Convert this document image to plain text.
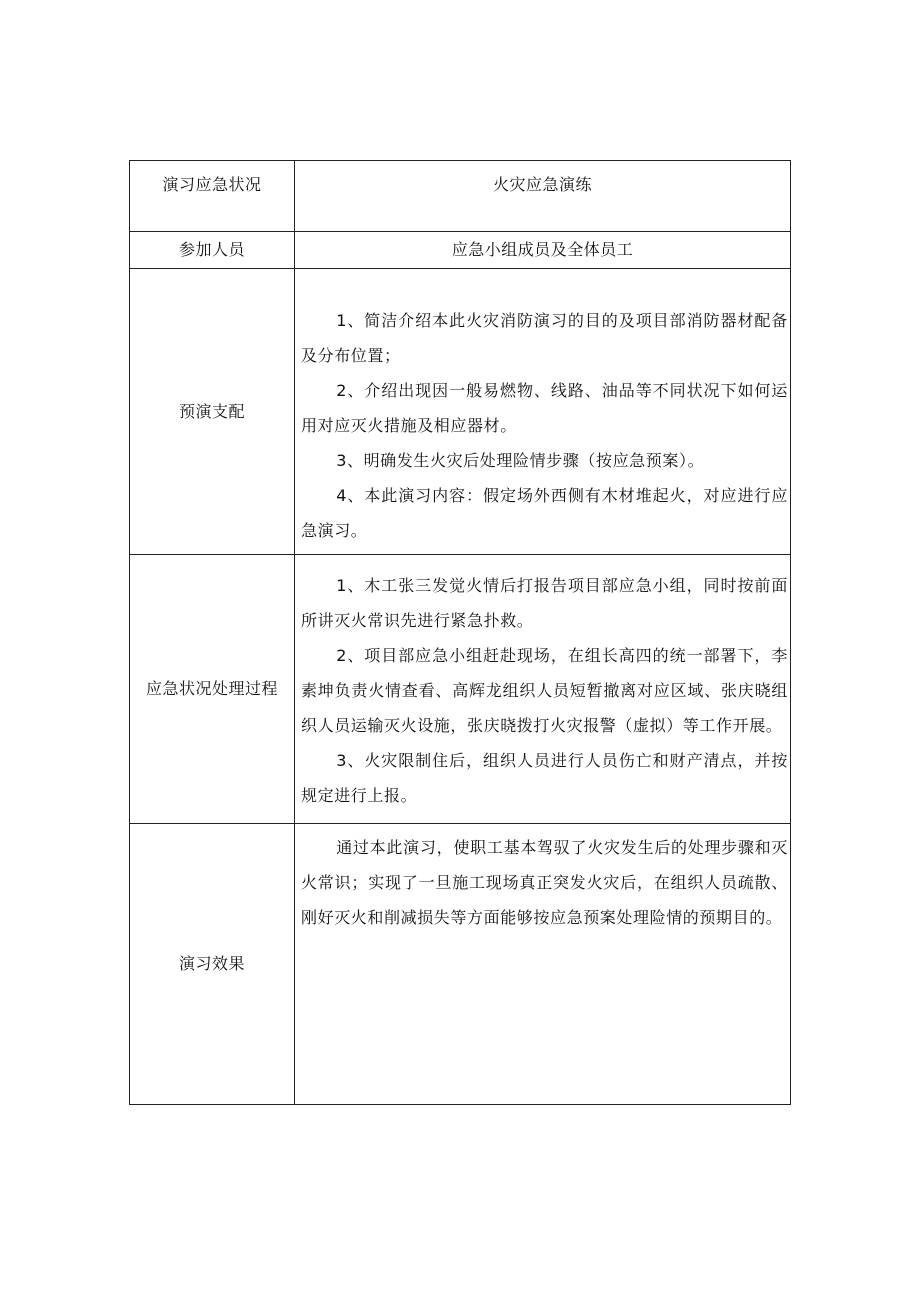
演习应急状况	火灾应急演练
参加人员	应急小组成员及全体员工
预演支配	1、简洁介绍本此火灾消防演习的目的及项目部消防器材配备及分布位置；

2、介绍出现因一般易燃物、线路、油品等不同状况下如何运用对应灭火措施及相应器材。

3、明确发生火灾后处理险情步骤（按应急预案）。

4、本此演习内容：假定场外西侧有木材堆起火，对应进行应急演习。

应急状况处理过程	1、木工张三发觉火情后打报告项目部应急小组，同时按前面所讲灭火常识先进行紧急扑救。

2、项目部应急小组赶赴现场，在组长高四的统一部署下，李素坤负责火情查看、高辉龙组织人员短暂撤离对应区域、张庆晓组织人员运输灭火设施，张庆晓拨打火灾报警（虚拟）等工作开展。

3、火灾限制住后，组织人员进行人员伤亡和财产清点，并按规定进行上报。

演习效果	通过本此演习，使职工基本驾驭了火灾发生后的处理步骤和灭火常识；实现了一旦施工现场真正突发火灾后，在组织人员疏散、刚好灭火和削减损失等方面能够按应急预案处理险情的预期目的。
